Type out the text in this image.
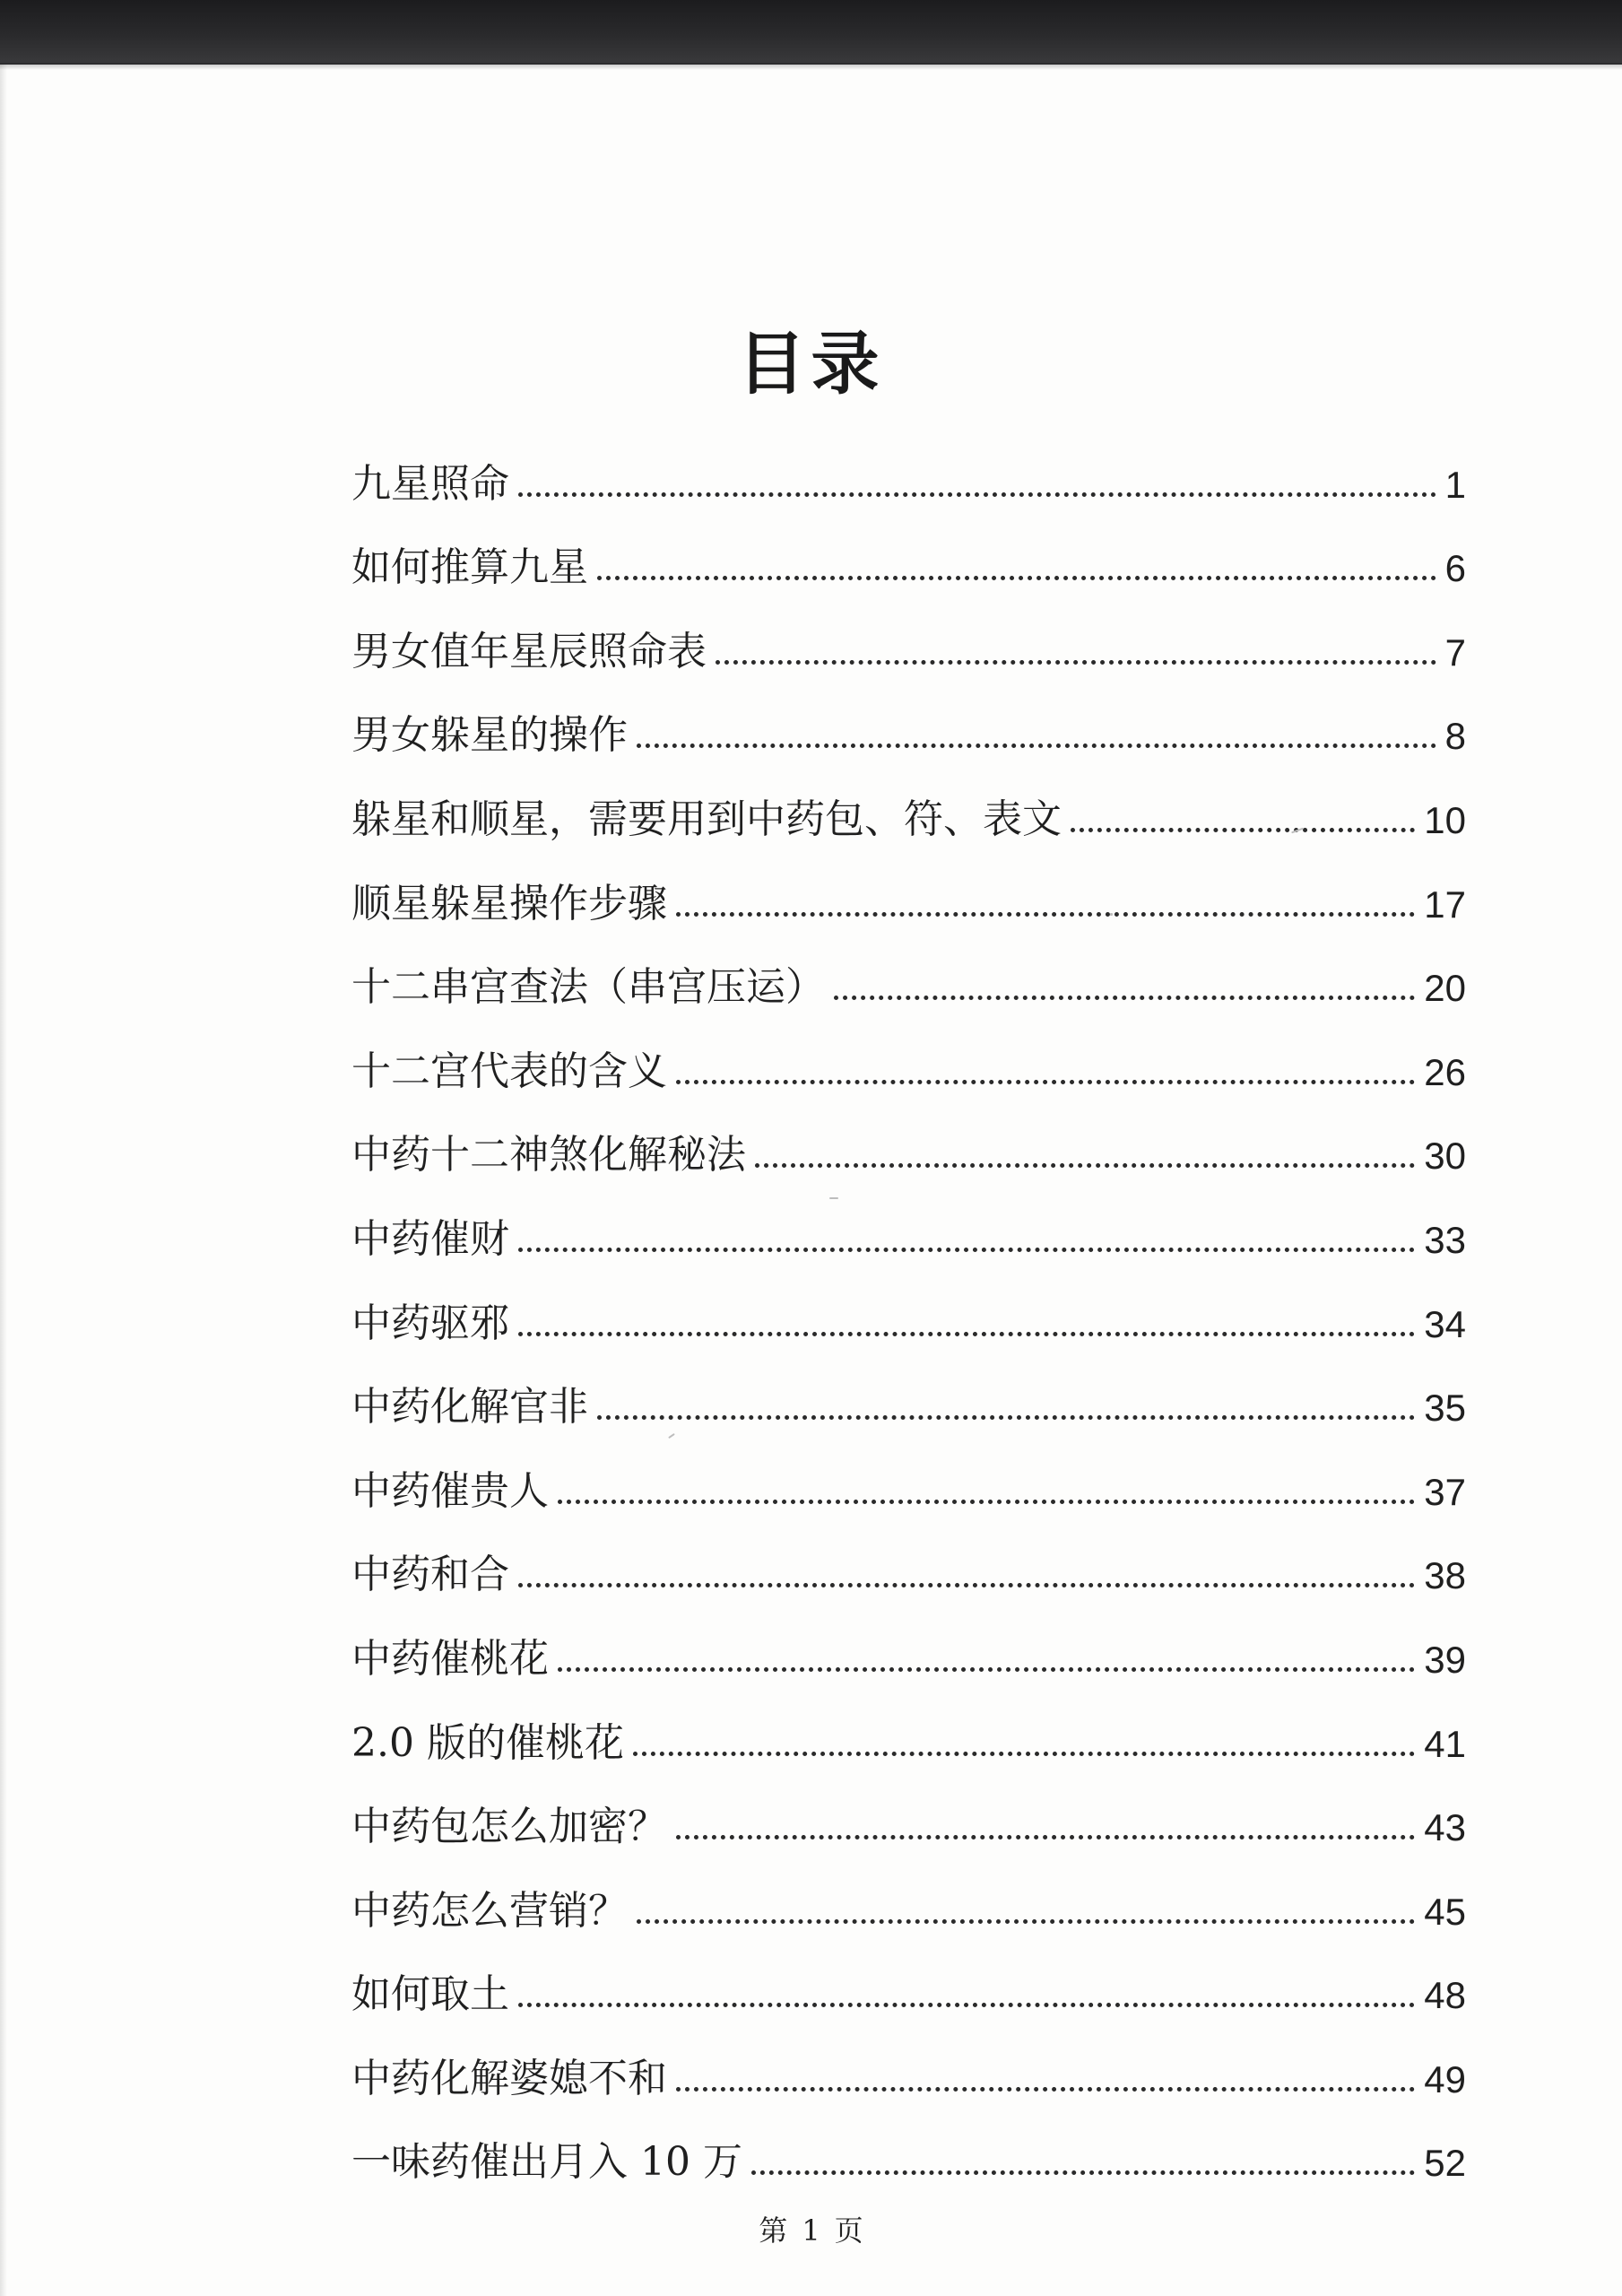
目录
九星照命	1
如何推算九星	6
男女值年星辰照命表	7
男女躲星的操作	8
躲星和顺星，需要用到中药包、符、表文	10
顺星躲星操作步骤	17
十二串宫查法（串宫压运）	20
十二宫代表的含义	26
中药十二神煞化解秘法	30
中药催财	33
中药驱邪	34
中药化解官非	35
中药催贵人	37
中药和合	38
中药催桃花	39
2.0 版的催桃花	41
中药包怎么加密？	43
中药怎么营销？	45
如何取土	48
中药化解婆媳不和	49
一味药催出月入 10 万	52
第 1 页
